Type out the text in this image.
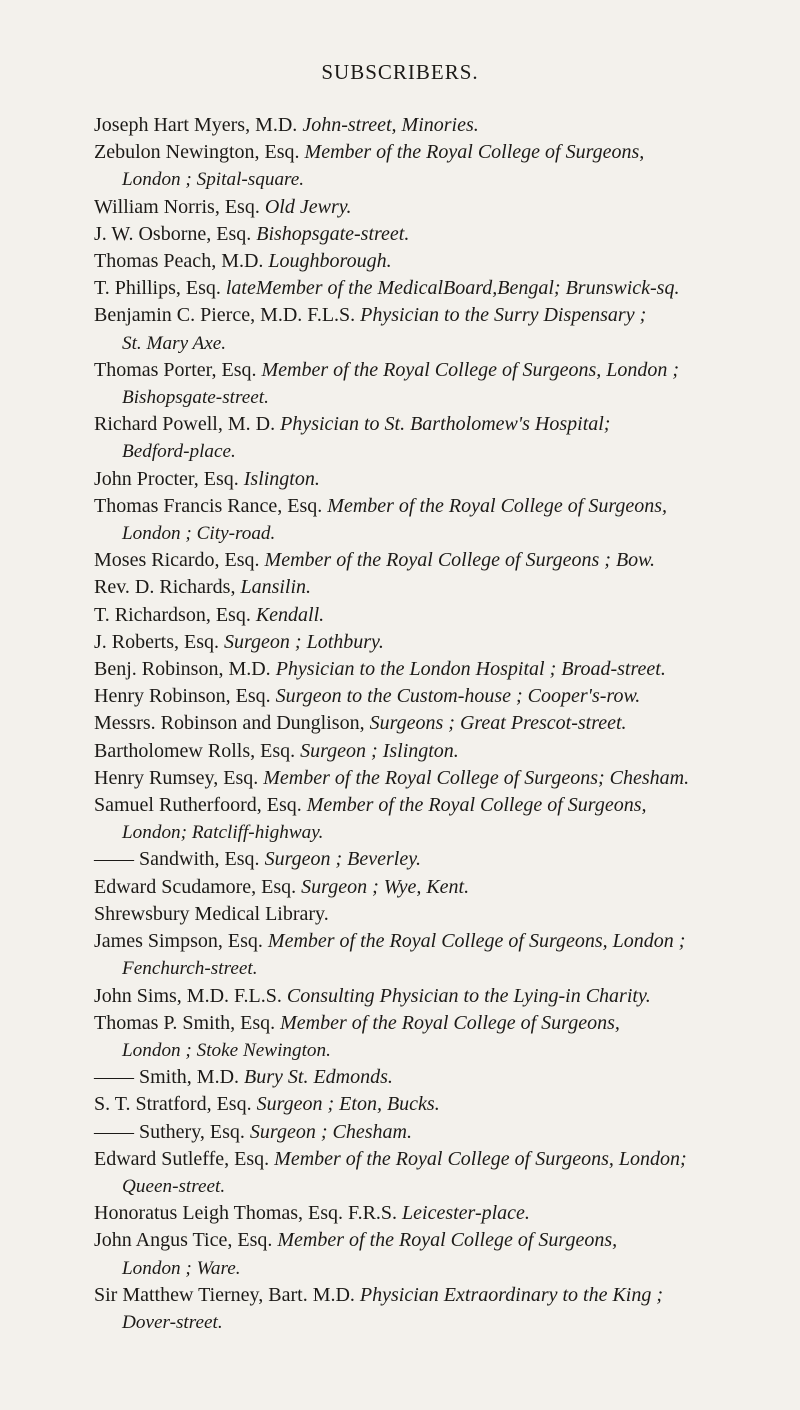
SUBSCRIBERS.
Joseph Hart Myers, M.D. John-street, Minories.
Zebulon Newington, Esq. Member of the Royal College of Surgeons,
London ; Spital-square.
William Norris, Esq. Old Jewry.
J. W. Osborne, Esq. Bishopsgate-street.
Thomas Peach, M.D. Loughborough.
T. Phillips, Esq. lateMember of the MedicalBoard,Bengal; Brunswick-sq.
Benjamin C. Pierce, M.D. F.L.S. Physician to the Surry Dispensary ;
St. Mary Axe.
Thomas Porter, Esq. Member of the Royal College of Surgeons, London ;
Bishopsgate-street.
Richard Powell, M. D. Physician to St. Bartholomew's Hospital;
Bedford-place.
John Procter, Esq. Islington.
Thomas Francis Rance, Esq. Member of the Royal College of Surgeons,
London ; City-road.
Moses Ricardo, Esq. Member of the Royal College of Surgeons ; Bow.
Rev. D. Richards, Lansilin.
T. Richardson, Esq. Kendall.
J. Roberts, Esq. Surgeon ; Lothbury.
Benj. Robinson, M.D. Physician to the London Hospital ; Broad-street.
Henry Robinson, Esq. Surgeon to the Custom-house ; Cooper's-row.
Messrs. Robinson and Dunglison, Surgeons ; Great Prescot-street.
Bartholomew Rolls, Esq. Surgeon ; Islington.
Henry Rumsey, Esq. Member of the Royal College of Surgeons; Chesham.
Samuel Rutherfoord, Esq. Member of the Royal College of Surgeons,
London; Ratcliff-highway.
—— Sandwith, Esq. Surgeon ; Beverley.
Edward Scudamore, Esq. Surgeon ; Wye, Kent.
Shrewsbury Medical Library.
James Simpson, Esq. Member of the Royal College of Surgeons, London ;
Fenchurch-street.
John Sims, M.D. F.L.S. Consulting Physician to the Lying-in Charity.
Thomas P. Smith, Esq. Member of the Royal College of Surgeons,
London ; Stoke Newington.
—— Smith, M.D. Bury St. Edmonds.
S. T. Stratford, Esq. Surgeon ; Eton, Bucks.
—— Suthery, Esq. Surgeon ; Chesham.
Edward Sutleffe, Esq. Member of the Royal College of Surgeons, London;
Queen-street.
Honoratus Leigh Thomas, Esq. F.R.S. Leicester-place.
John Angus Tice, Esq. Member of the Royal College of Surgeons,
London ; Ware.
Sir Matthew Tierney, Bart. M.D. Physician Extraordinary to the King ;
Dover-street.
